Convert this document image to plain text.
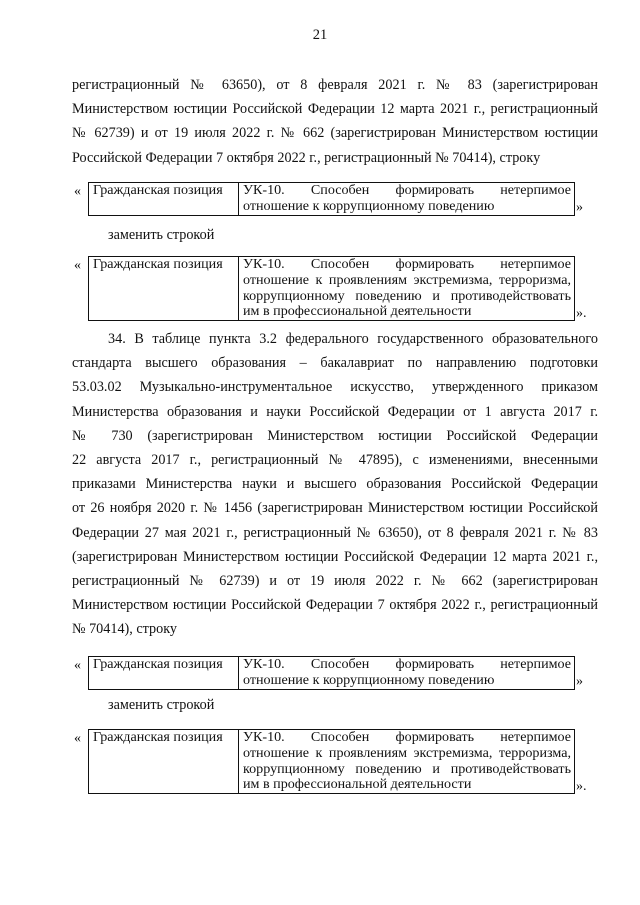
21

регистрационный № 63650), от 8 февраля 2021 г. № 83 (зарегистрирован
Министерством юстиции Российской Федерации 12 марта 2021 г., регистрационный
№ 62739) и от 19 июля 2022 г. № 662 (зарегистрирован Министерством юстиции
Российской Федерации 7 октября 2022 г., регистрационный № 70414), строку

« Гражданская позиция	УК-10. Способен формировать нетерпимое
отношение к коррупционному поведению	»
заменить строкой
« Гражданская позиция	УК-10. Способен формировать нетерпимое
отношение к проявлениям экстремизма, терроризма,
коррупционному поведению и противодействовать
им в профессиональной деятельности	».

34. В таблице пункта 3.2 федерального государственного образовательного
стандарта высшего образования – бакалавриат по направлению подготовки
53.03.02 Музыкально-инструментальное искусство, утвержденного приказом
Министерства образования и науки Российской Федерации от 1 августа 2017 г.
№ 730 (зарегистрирован Министерством юстиции Российской Федерации
22 августа 2017 г., регистрационный № 47895), с изменениями, внесенными
приказами Министерства науки и высшего образования Российской Федерации
от 26 ноября 2020 г. № 1456 (зарегистрирован Министерством юстиции Российской
Федерации 27 мая 2021 г., регистрационный № 63650), от 8 февраля 2021 г. № 83
(зарегистрирован Министерством юстиции Российской Федерации 12 марта 2021 г.,
регистрационный № 62739) и от 19 июля 2022 г. № 662 (зарегистрирован
Министерством юстиции Российской Федерации 7 октября 2022 г., регистрационный
№ 70414), строку

« Гражданская позиция	УК-10. Способен формировать нетерпимое
отношение к коррупционному поведению	»
заменить строкой
« Гражданская позиция	УК-10. Способен формировать нетерпимое
отношение к проявлениям экстремизма, терроризма,
коррупционному поведению и противодействовать
им в профессиональной деятельности	».
